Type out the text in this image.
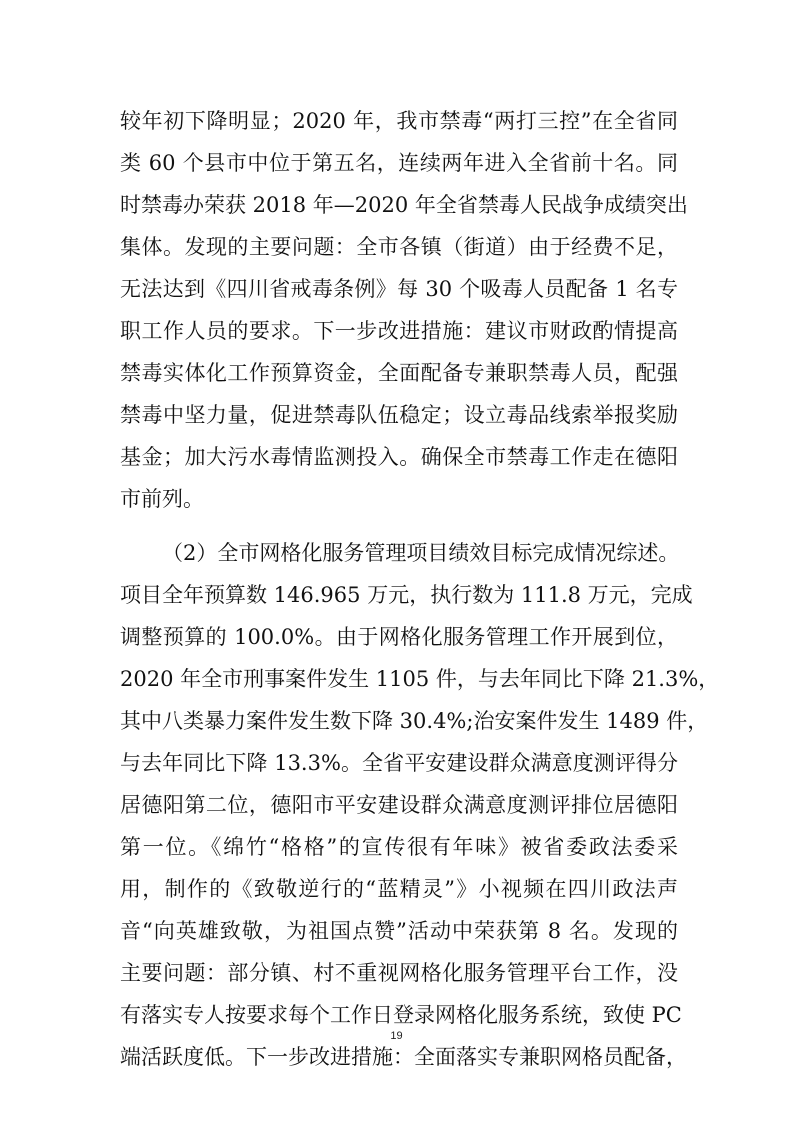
较年初下降明显；2020 年，我市禁毒“两打三控”在全省同
类 60 个县市中位于第五名，连续两年进入全省前十名。同
时禁毒办荣获 2018 年—2020 年全省禁毒人民战争成绩突出
集体。发现的主要问题：全市各镇（街道）由于经费不足，
无法达到《四川省戒毒条例》每 30 个吸毒人员配备 1 名专
职工作人员的要求。下一步改进措施：建议市财政酌情提高
禁毒实体化工作预算资金，全面配备专兼职禁毒人员，配强
禁毒中坚力量，促进禁毒队伍稳定；设立毒品线索举报奖励
基金；加大污水毒情监测投入。确保全市禁毒工作走在德阳
市前列。
（2）全市网格化服务管理项目绩效目标完成情况综述。
项目全年预算数 146.965 万元，执行数为 111.8 万元，完成
调整预算的 100.0%。由于网格化服务管理工作开展到位，
2020 年全市刑事案件发生 1105 件，与去年同比下降 21.3%，
其中八类暴力案件发生数下降 30.4%;治安案件发生 1489 件，
与去年同比下降 13.3%。全省平安建设群众满意度测评得分
居德阳第二位，德阳市平安建设群众满意度测评排位居德阳
第一位。《绵竹“格格”的宣传很有年味》被省委政法委采
用，制作的《致敬逆行的“蓝精灵”》小视频在四川政法声
音“向英雄致敬，为祖国点赞”活动中荣获第 8 名。发现的
主要问题：部分镇、村不重视网格化服务管理平台工作，没
有落实专人按要求每个工作日登录网格化服务系统，致使 PC
端活跃度低。下一步改进措施：全面落实专兼职网格员配备，
19
